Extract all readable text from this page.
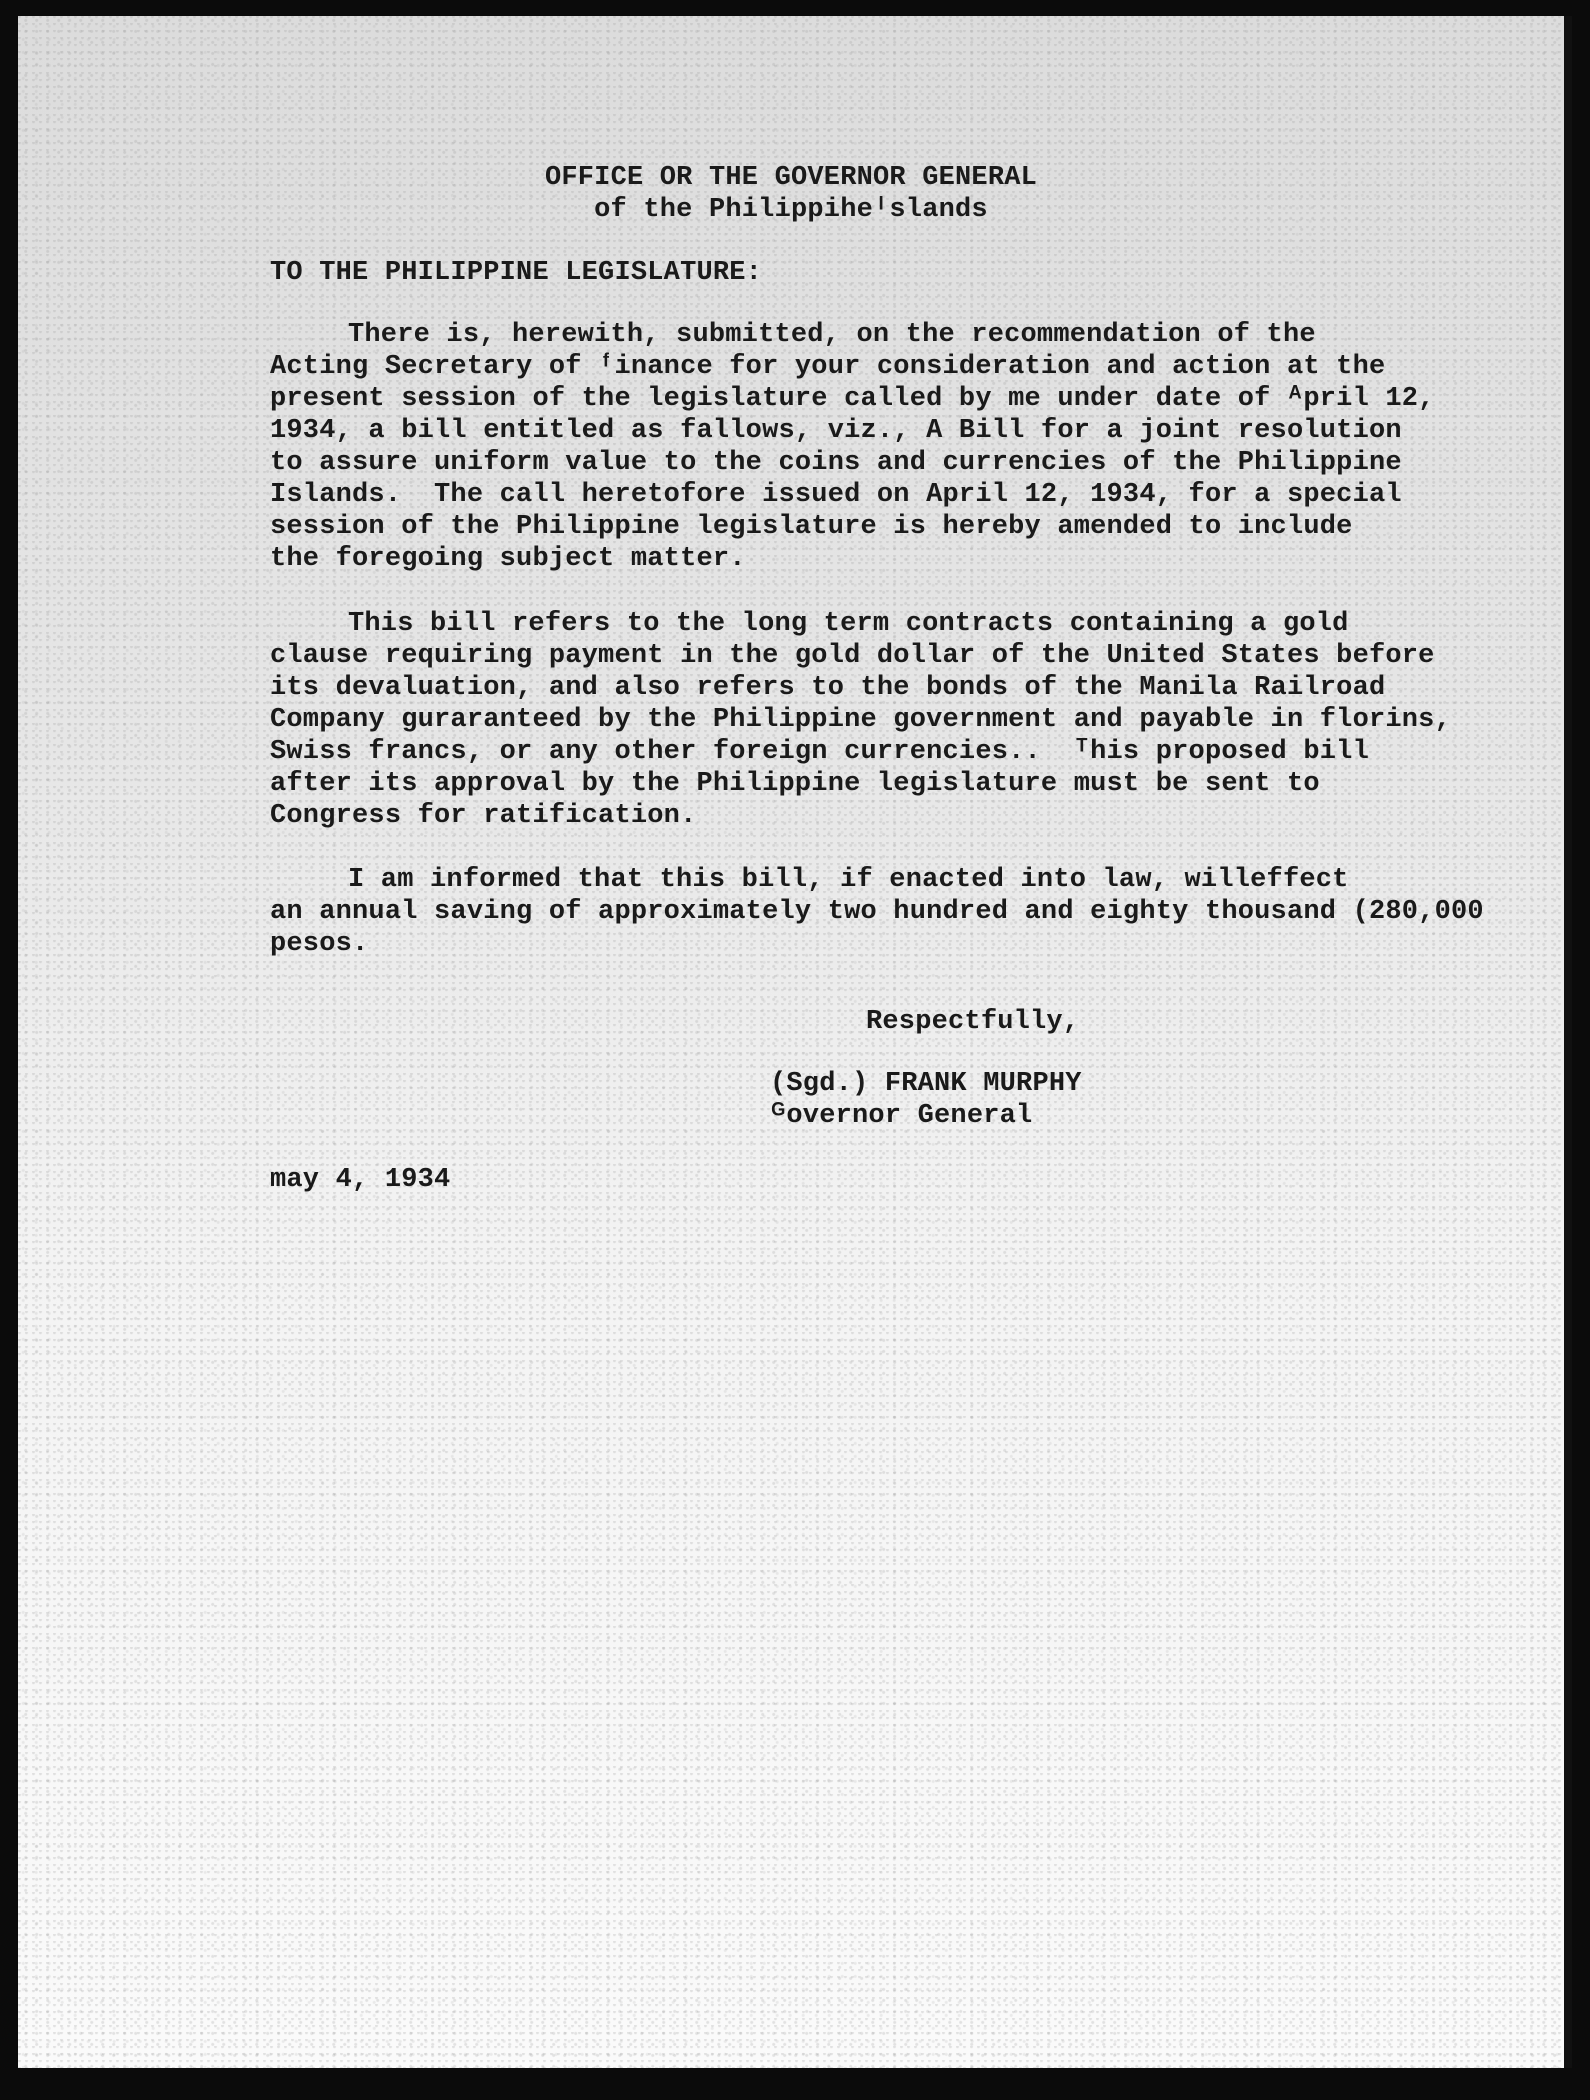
OFFICE OR THE GOVERNOR GENERAL
of the Philippiheᴵslands
TO THE PHILIPPINE LEGISLATURE:
There is, herewith, submitted, on the recommendation of the
Acting Secretary of ᶠinance for your consideration and action at the
present session of the legislature called by me under date of ᴬpril 12,
1934, a bill entitled as fallows, viz., A Bill for a joint resolution
to assure uniform value to the coins and currencies of the Philippine
Islands.  The call heretofore issued on April 12, 1934, for a special
session of the Philippine legislature is hereby amended to include
the foregoing subject matter.
This bill refers to the long term contracts containing a gold
clause requiring payment in the gold dollar of the United States before
its devaluation, and also refers to the bonds of the Manila Railroad
Company guraranteed by the Philippine government and payable in florins,
Swiss francs, or any other foreign currencies..  ᵀhis proposed bill
after its approval by the Philippine legislature must be sent to
Congress for ratification.
I am informed that this bill, if enacted into law, willeffect
an annual saving of approximately two hundred and eighty thousand (280,000
pesos.
Respectfully,
(Sgd.) FRANK MURPHY
ᴳovernor General
may 4, 1934
